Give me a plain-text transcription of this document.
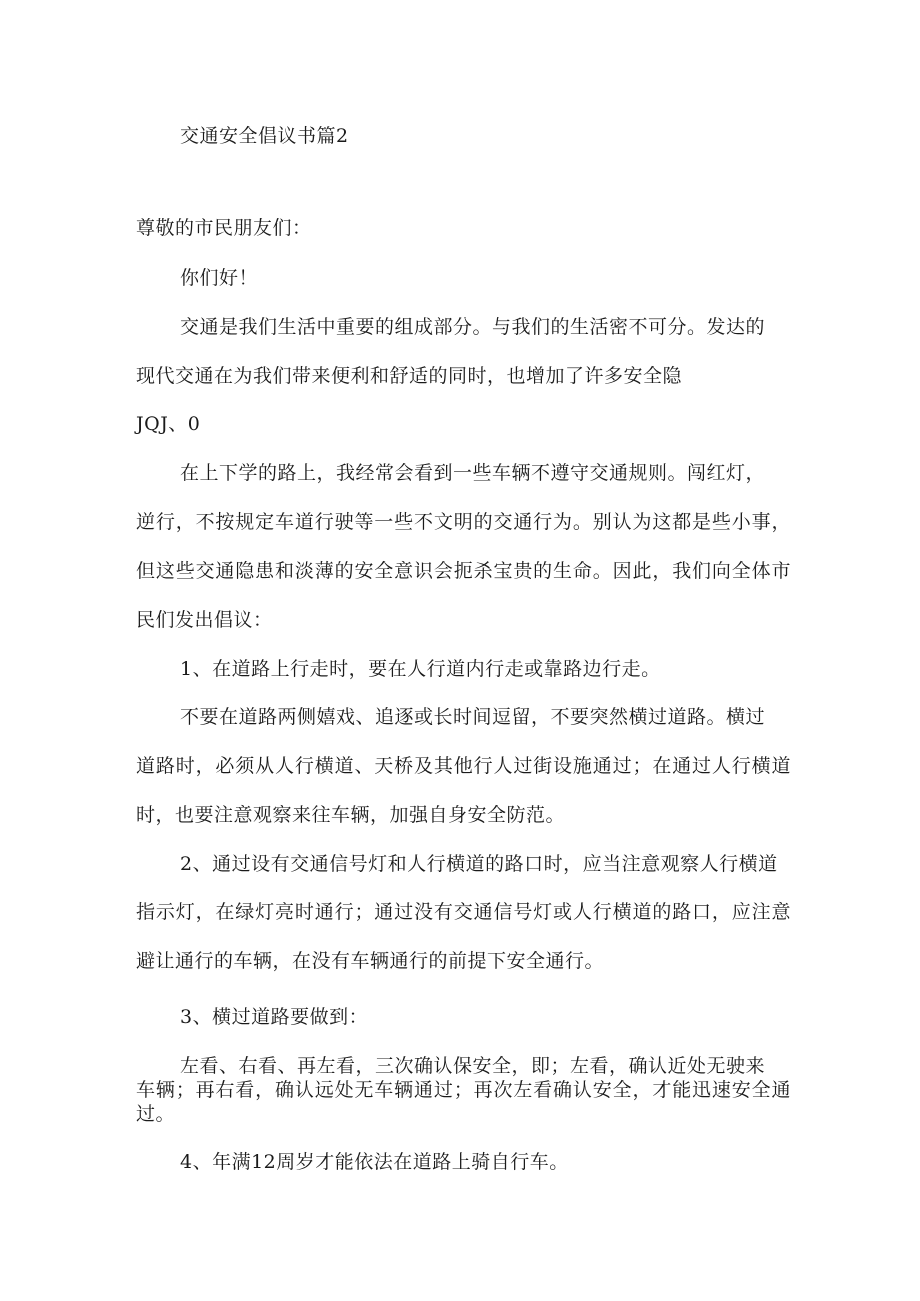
交通安全倡议书篇2

尊敬的市民朋友们：

你们好！

交通是我们生活中重要的组成部分。与我们的生活密不可分。发达的

现代交通在为我们带来便利和舒适的同时，也增加了许多安全隐

JQJ、0

在上下学的路上，我经常会看到一些车辆不遵守交通规则。闯红灯，

逆行，不按规定车道行驶等一些不文明的交通行为。别认为这都是些小事，

但这些交通隐患和淡薄的安全意识会扼杀宝贵的生命。因此，我们向全体市

民们发出倡议：

1、在道路上行走时，要在人行道内行走或靠路边行走。

不要在道路两侧嬉戏、追逐或长时间逗留，不要突然横过道路。横过

道路时，必须从人行横道、天桥及其他行人过街设施通过；在通过人行横道

时，也要注意观察来往车辆，加强自身安全防范。

2、通过设有交通信号灯和人行横道的路口时，应当注意观察人行横道

指示灯，在绿灯亮时通行；通过没有交通信号灯或人行横道的路口，应注意

避让通行的车辆，在没有车辆通行的前提下安全通行。

3、横过道路要做到：

左看、右看、再左看，三次确认保安全，即；左看，确认近处无驶来

车辆；再右看，确认远处无车辆通过；再次左看确认安全，才能迅速安全通

过。

4、年满12周岁才能依法在道路上骑自行车。
